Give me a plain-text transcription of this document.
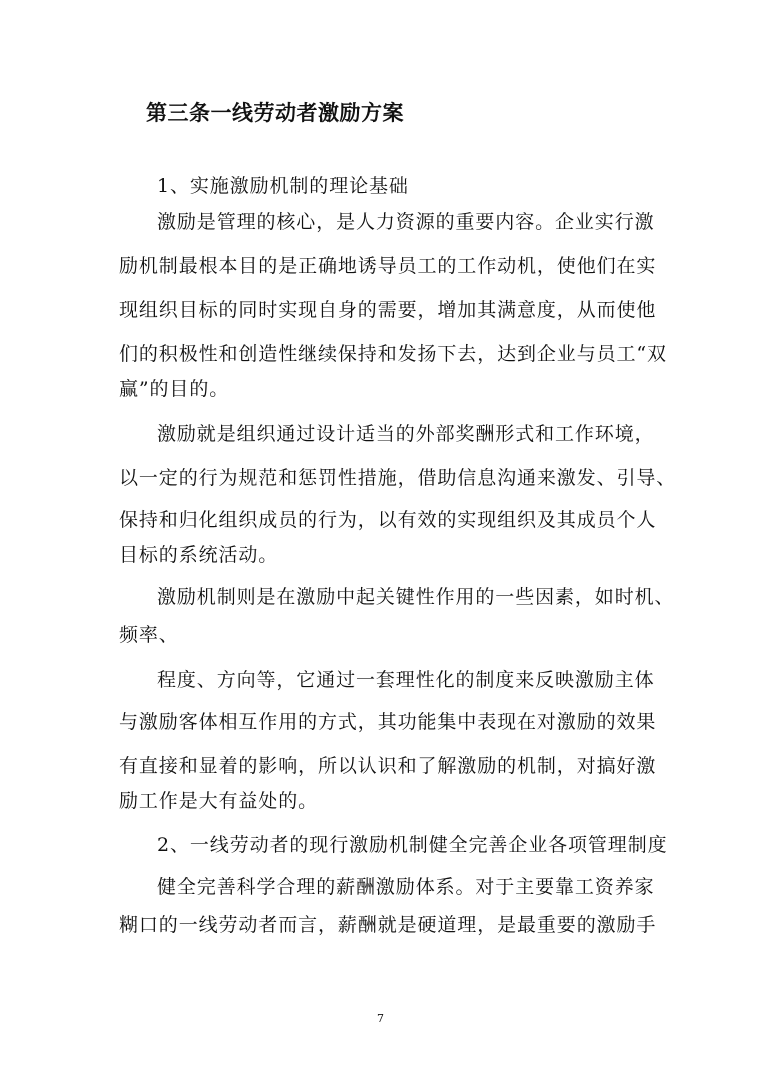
第三条一线劳动者激励方案
1、实施激励机制的理论基础
激励是管理的核心，是人力资源的重要内容。企业实行激
励机制最根本目的是正确地诱导员工的工作动机，使他们在实
现组织目标的同时实现自身的需要，增加其满意度，从而使他
们的积极性和创造性继续保持和发扬下去，达到企业与员工“双
赢”的目的。
激励就是组织通过设计适当的外部奖酬形式和工作环境，
以一定的行为规范和惩罚性措施，借助信息沟通来激发、引导、
保持和归化组织成员的行为，以有效的实现组织及其成员个人
目标的系统活动。
激励机制则是在激励中起关键性作用的一些因素，如时机、
频率、
程度、方向等，它通过一套理性化的制度来反映激励主体
与激励客体相互作用的方式，其功能集中表现在对激励的效果
有直接和显着的影响，所以认识和了解激励的机制，对搞好激
励工作是大有益处的。
2、一线劳动者的现行激励机制健全完善企业各项管理制度
健全完善科学合理的薪酬激励体系。对于主要靠工资养家
糊口的一线劳动者而言，薪酬就是硬道理，是最重要的激励手
7
